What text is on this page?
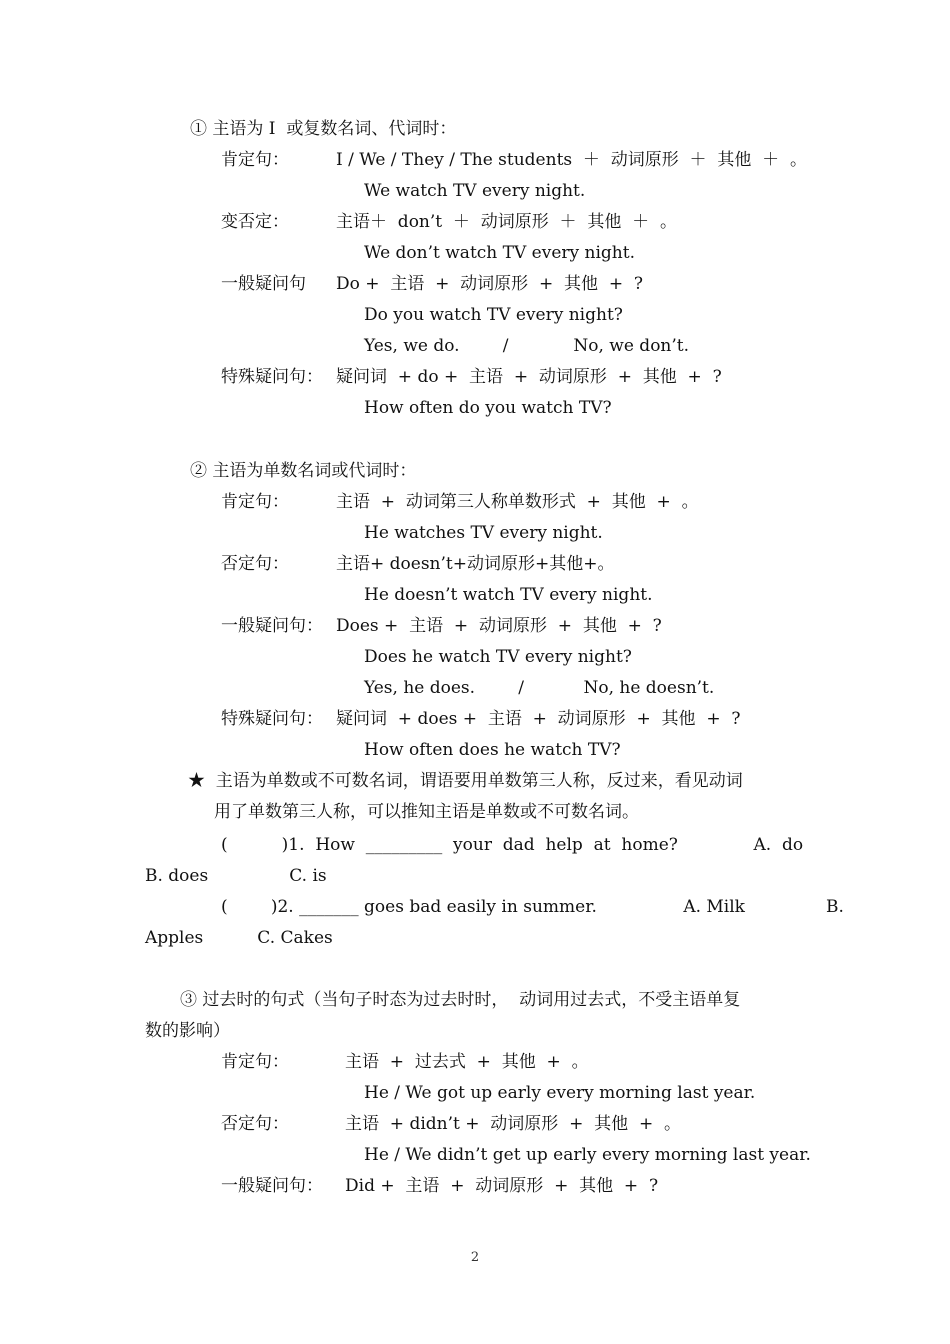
① 主语为 I  或复数名词、代词时：
肯定句：	I / We / They / The students  ＋  动词原形  ＋  其他  ＋  。
We watch TV every night.
变否定：	主语＋  don’t  ＋  动词原形  ＋  其他  ＋  。
We don’t watch TV every night.
一般疑问句 Do +  主语  +  动词原形  +  其他  +  ?
Do you watch TV every night?
Yes, we do.        /            No, we don’t.
特殊疑问句： 疑问词  + do +  主语  +  动词原形  +  其他  +  ?
How often do you watch TV?
② 主语为单数名词或代词时：
肯定句：	主语  +  动词第三人称单数形式  +  其他  +  。
He watches TV every night.
否定句：	主语+ doesn’t+动词原形+其他+。
He doesn’t watch TV every night.
一般疑问句： Does +  主语  +  动词原形  +  其他  +  ?
Does he watch TV every night?
Yes, he does.        /           No, he doesn’t.
特殊疑问句： 疑问词  + does +  主语  +  动词原形  +  其他  +  ?
How often does he watch TV?
★  主语为单数或不可数名词，谓语要用单数第三人称，反过来，看见动词
用了单数第三人称，可以推知主语是单数或不可数名词。
(          )1.  How  _________  your  dad  help  at  home?              A.  do
B. does               C. is
(        )2. _______ goes bad easily in summer.                A. Milk               B.
Apples          C. Cakes
③ 过去时的句式（当句子时态为过去时时，  动词用过去式，不受主语单复
数的影响）
肯定句：	主语  +  过去式  +  其他  +  。
He / We got up early every morning last year.
否定句：	主语  + didn’t +  动词原形  +  其他  +  。
He / We didn’t get up early every morning last year.
一般疑问句： Did +  主语  +  动词原形  +  其他  +  ?
2
